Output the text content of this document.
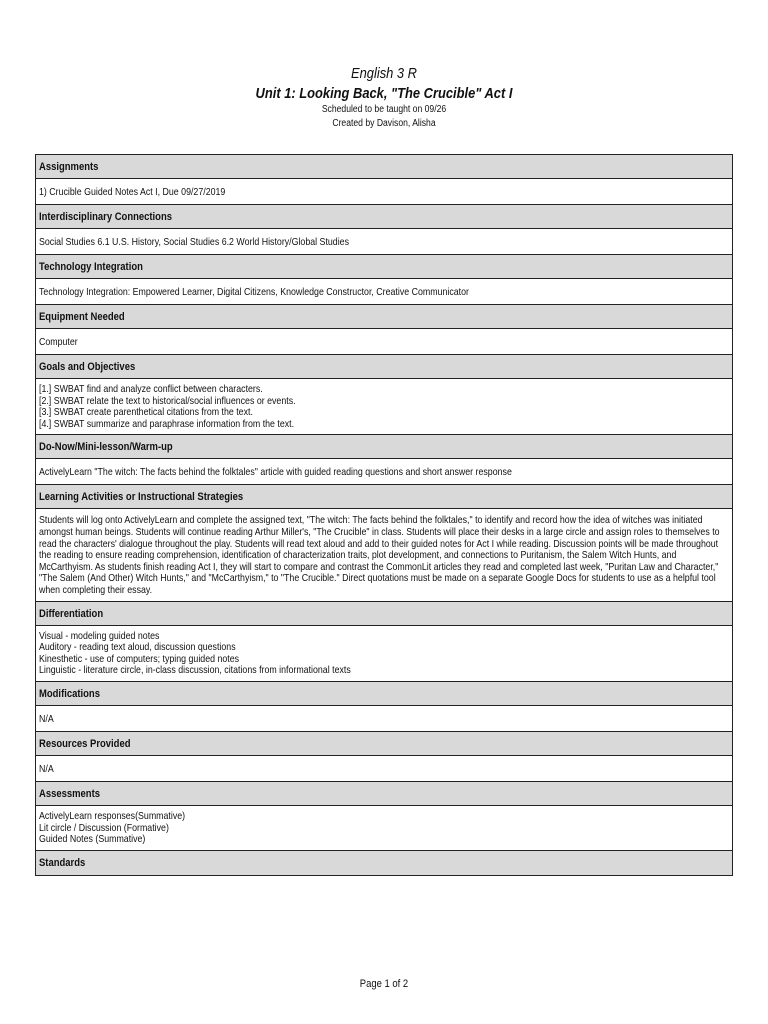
English 3 R
Unit 1: Looking Back, "The Crucible" Act I
Scheduled to be taught on 09/26
Created by Davison, Alisha
Assignments
1) Crucible Guided Notes Act I, Due 09/27/2019
Interdisciplinary Connections
Social Studies 6.1 U.S. History, Social Studies 6.2 World History/Global Studies
Technology Integration
Technology Integration: Empowered Learner, Digital Citizens, Knowledge Constructor, Creative Communicator
Equipment Needed
Computer
Goals and Objectives
[1.] SWBAT find and analyze conflict between characters.
[2.] SWBAT relate the text to historical/social influences or events.
[3.] SWBAT create parenthetical citations from the text.
[4.] SWBAT summarize and paraphrase information from the text.
Do-Now/Mini-lesson/Warm-up
ActivelyLearn "The witch: The facts behind the folktales" article with guided reading questions and short answer response
Learning Activities or Instructional Strategies
Students will log onto ActivelyLearn and complete the assigned text, "The witch: The facts behind the folktales," to identify and record how the idea of witches was initiated amongst human beings. Students will continue reading Arthur Miller's, "The Crucible" in class. Students will place their desks in a large circle and assign roles to themselves to read the characters' dialogue throughout the play. Students will read text aloud and add to their guided notes for Act I while reading. Discussion points will be made throughout the reading to ensure reading comprehension, identification of characterization traits, plot development, and connections to Puritanism, the Salem Witch Hunts, and McCarthyism. As students finish reading Act I, they will start to compare and contrast the CommonLit articles they read and completed last week, "Puritan Law and Character," "The Salem (And Other) Witch Hunts," and "McCarthyism," to "The Crucible." Direct quotations must be made on a separate Google Docs for students to use as a helpful tool when completing their essay.
Differentiation
Visual - modeling guided notes
Auditory - reading text aloud, discussion questions
Kinesthetic - use of computers; typing guided notes
Linguistic - literature circle, in-class discussion, citations from informational texts
Modifications
N/A
Resources Provided
N/A
Assessments
ActivelyLearn responses(Summative)
Lit circle / Discussion (Formative)
Guided Notes (Summative)
Standards
Page 1 of 2
